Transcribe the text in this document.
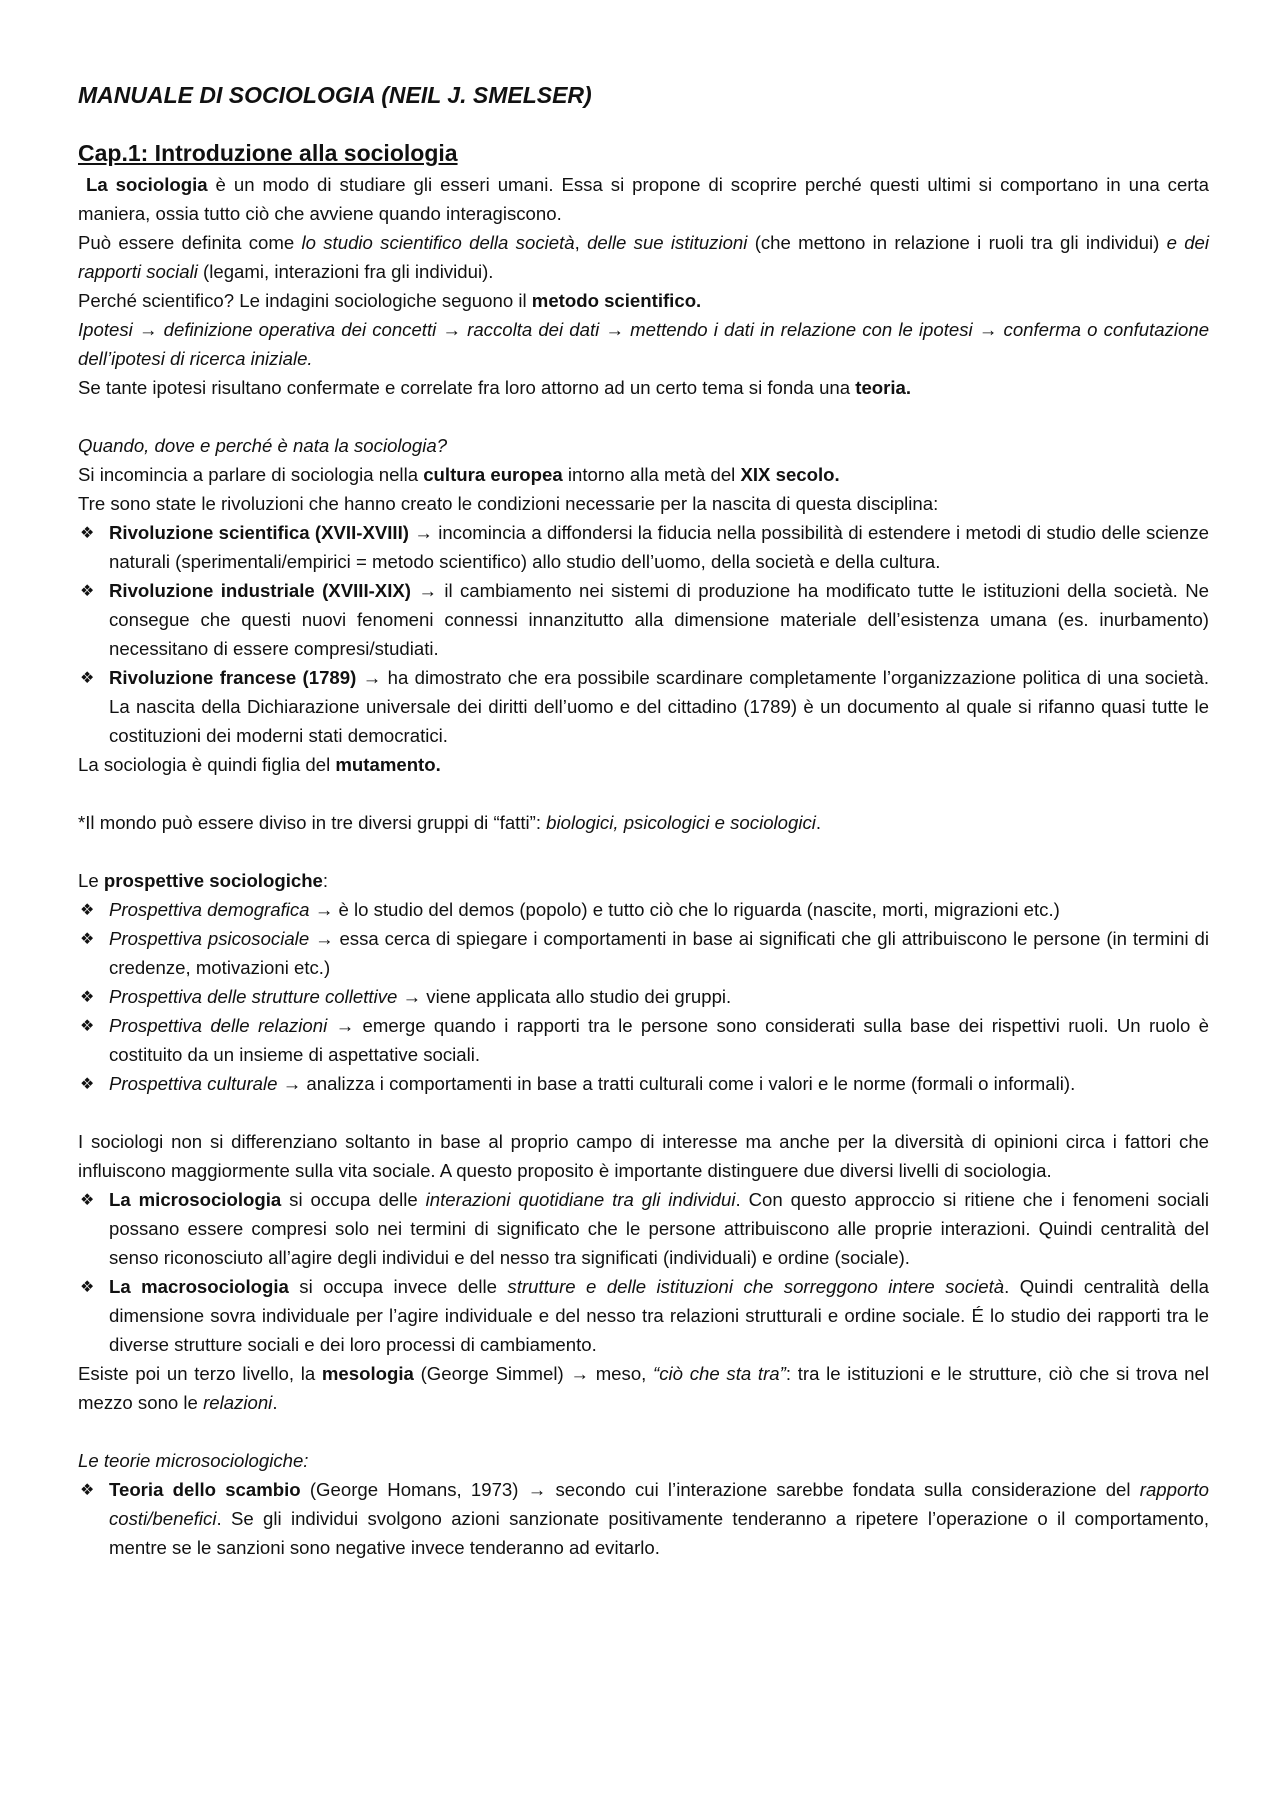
MANUALE DI SOCIOLOGIA (NEIL J. SMELSER)

Cap.1: Introduzione alla sociologia

La sociologia è un modo di studiare gli esseri umani. Essa si propone di scoprire perché questi ultimi si comportano in una certa maniera, ossia tutto ciò che avviene quando interagiscono.

Può essere definita come lo studio scientifico della società, delle sue istituzioni (che mettono in relazione i ruoli tra gli individui) e dei rapporti sociali (legami, interazioni fra gli individui).

Perché scientifico? Le indagini sociologiche seguono il metodo scientifico.

Ipotesi → definizione operativa dei concetti → raccolta dei dati → mettendo i dati in relazione con le ipotesi → conferma o confutazione dell’ipotesi di ricerca iniziale.

Se tante ipotesi risultano confermate e correlate fra loro attorno ad un certo tema si fonda una teoria.

Quando, dove e perché è nata la sociologia?

Si incomincia a parlare di sociologia nella cultura europea intorno alla metà del XIX secolo.

Tre sono state le rivoluzioni che hanno creato le condizioni necessarie per la nascita di questa disciplina:

❖ Rivoluzione scientifica (XVII-XVIII) → incomincia a diffondersi la fiducia nella possibilità di estendere i metodi di studio delle scienze naturali (sperimentali/empirici = metodo scientifico) allo studio dell’uomo, della società e della cultura.
❖ Rivoluzione industriale (XVIII-XIX) → il cambiamento nei sistemi di produzione ha modificato tutte le istituzioni della società. Ne consegue che questi nuovi fenomeni connessi innanzitutto alla dimensione materiale dell’esistenza umana (es. inurbamento) necessitano di essere compresi/studiati.
❖ Rivoluzione francese (1789) → ha dimostrato che era possibile scardinare completamente l’organizzazione politica di una società. La nascita della Dichiarazione universale dei diritti dell’uomo e del cittadino (1789) è un documento al quale si rifanno quasi tutte le costituzioni dei moderni stati democratici.

La sociologia è quindi figlia del mutamento.

*Il mondo può essere diviso in tre diversi gruppi di “fatti”: biologici, psicologici e sociologici.

Le prospettive sociologiche:

❖ Prospettiva demografica → è lo studio del demos (popolo) e tutto ciò che lo riguarda (nascite, morti, migrazioni etc.)
❖ Prospettiva psicosociale → essa cerca di spiegare i comportamenti in base ai significati che gli attribuiscono le persone (in termini di credenze, motivazioni etc.)
❖ Prospettiva delle strutture collettive → viene applicata allo studio dei gruppi.
❖ Prospettiva delle relazioni → emerge quando i rapporti tra le persone sono considerati sulla base dei rispettivi ruoli. Un ruolo è costituito da un insieme di aspettative sociali.
❖ Prospettiva culturale → analizza i comportamenti in base a tratti culturali come i valori e le norme (formali o informali).

I sociologi non si differenziano soltanto in base al proprio campo di interesse ma anche per la diversità di opinioni circa i fattori che influiscono maggiormente sulla vita sociale. A questo proposito è importante distinguere due diversi livelli di sociologia.

❖ La microsociologia si occupa delle interazioni quotidiane tra gli individui. Con questo approccio si ritiene che i fenomeni sociali possano essere compresi solo nei termini di significato che le persone attribuiscono alle proprie interazioni. Quindi centralità del senso riconosciuto all’agire degli individui e del nesso tra significati (individuali) e ordine (sociale).
❖ La macrosociologia si occupa invece delle strutture e delle istituzioni che sorreggono intere società. Quindi centralità della dimensione sovra individuale per l’agire individuale e del nesso tra relazioni strutturali e ordine sociale. É lo studio dei rapporti tra le diverse strutture sociali e dei loro processi di cambiamento.

Esiste poi un terzo livello, la mesologia (George Simmel) → meso, “ciò che sta tra”: tra le istituzioni e le strutture, ciò che si trova nel mezzo sono le relazioni.

Le teorie microsociologiche:

❖ Teoria dello scambio (George Homans, 1973) → secondo cui l’interazione sarebbe fondata sulla considerazione del rapporto costi/benefici. Se gli individui svolgono azioni sanzionate positivamente tenderanno a ripetere l’operazione o il comportamento, mentre se le sanzioni sono negative invece tenderanno ad evitarlo.
